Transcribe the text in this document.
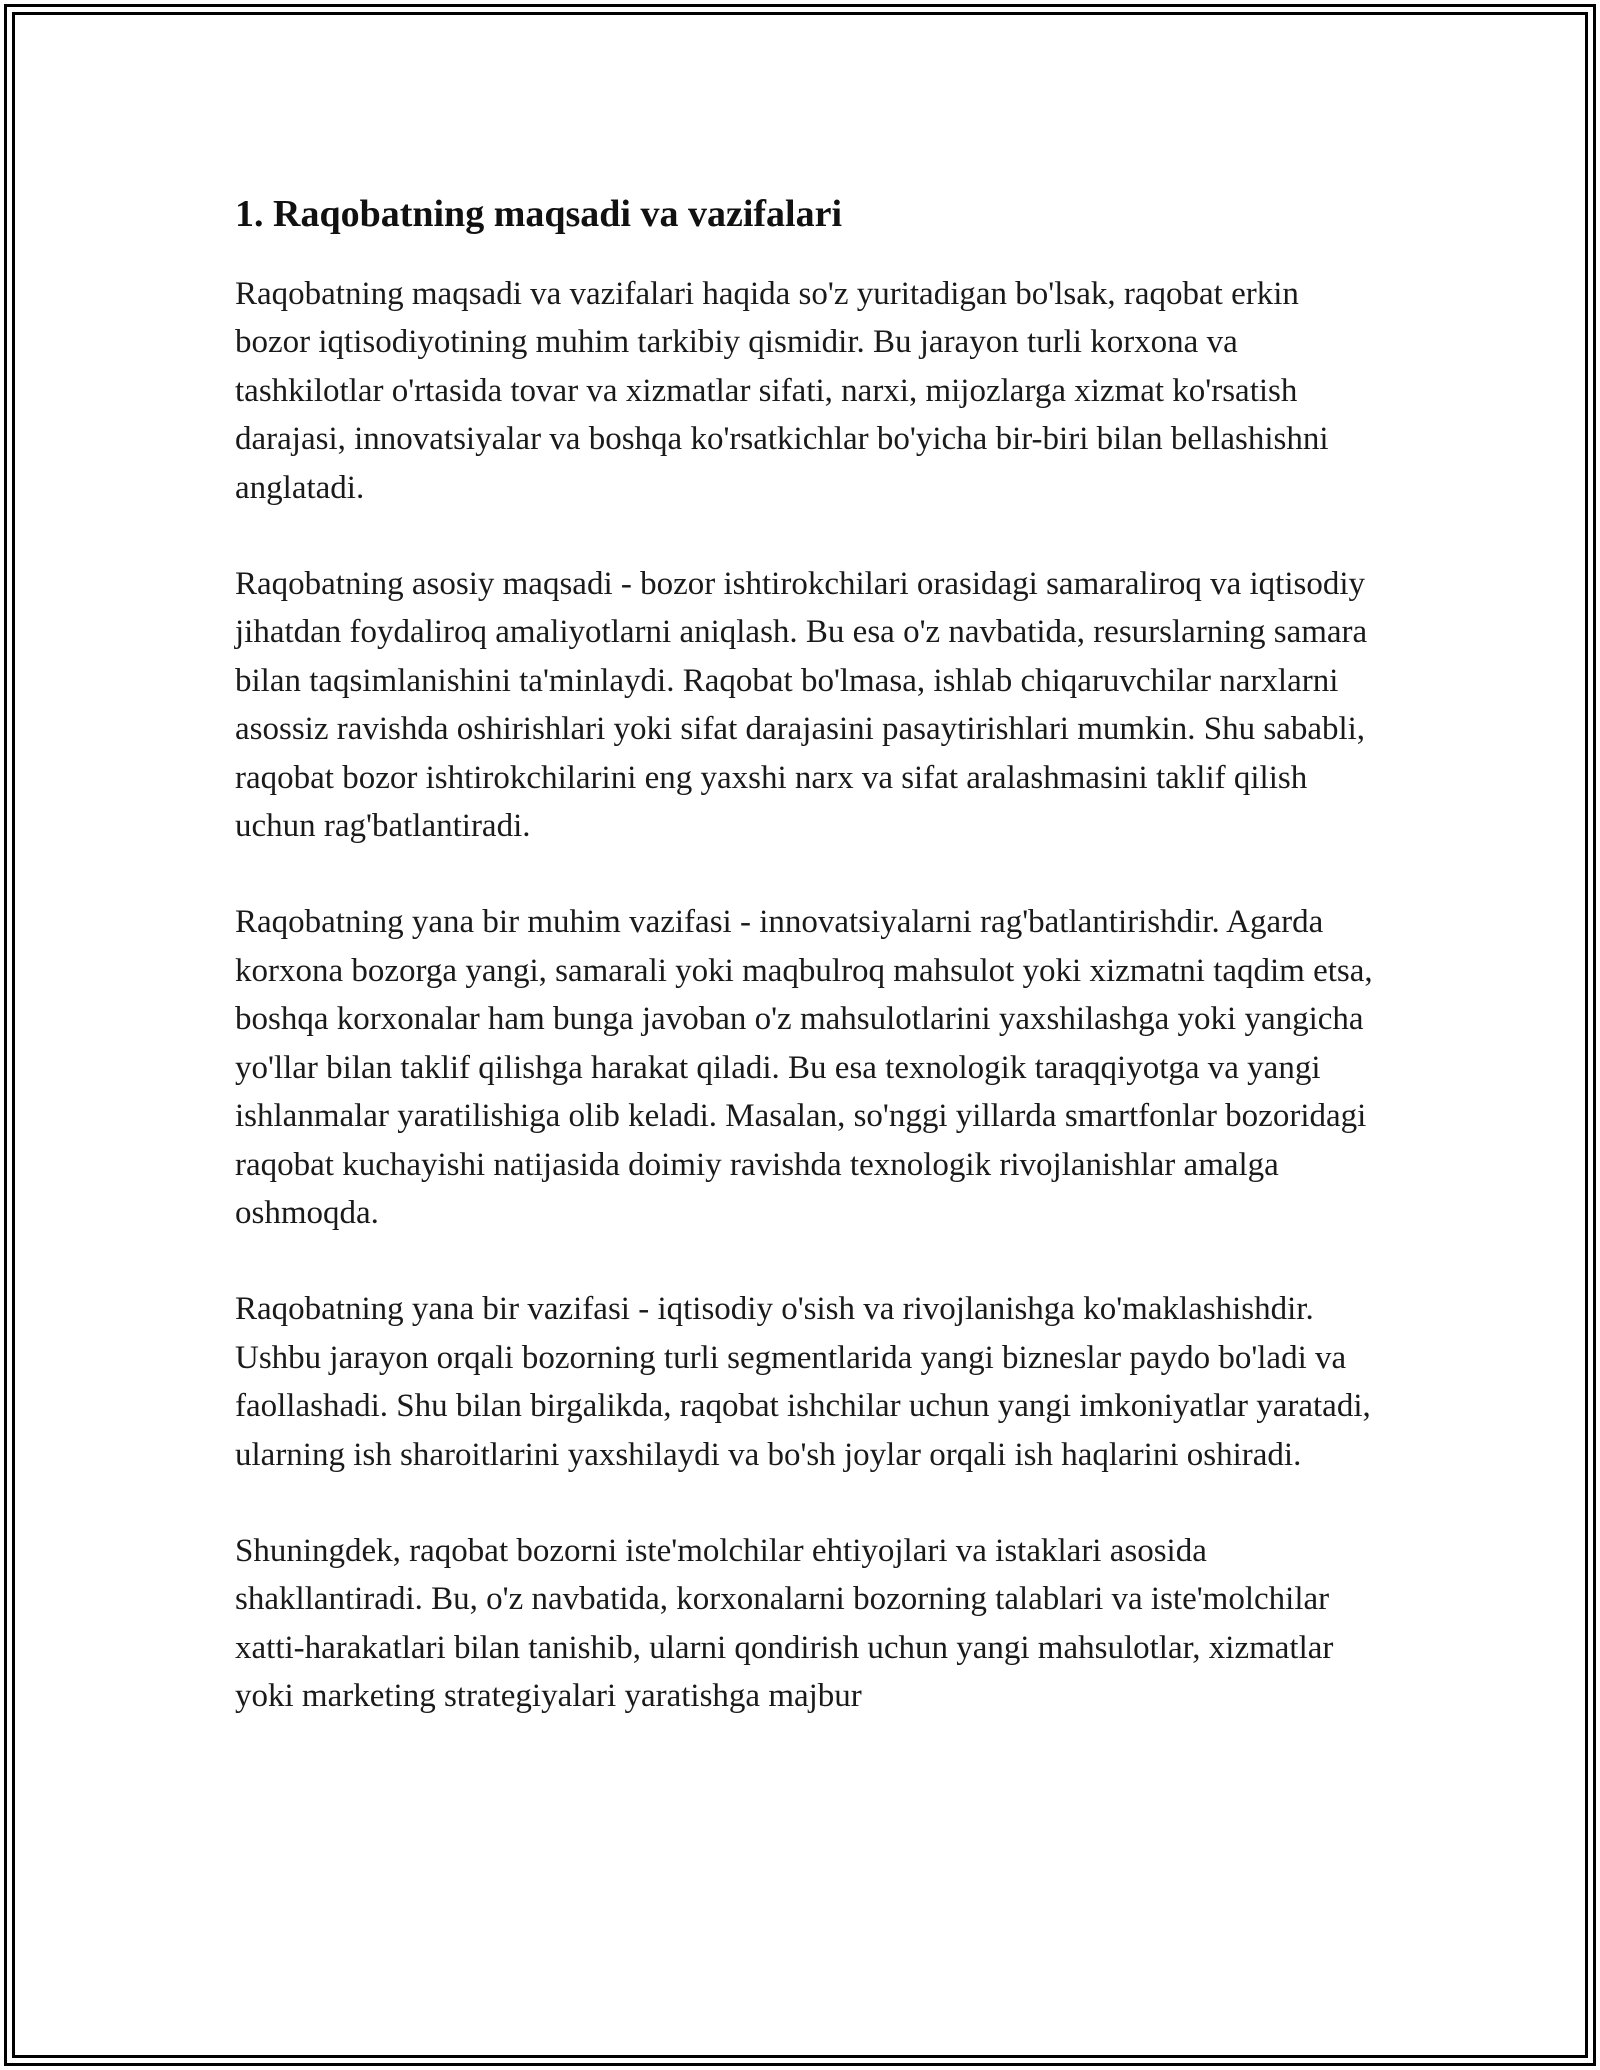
1. Raqobatning maqsadi va vazifalari

Raqobatning maqsadi va vazifalari haqida so'z yuritadigan bo'lsak, raqobat erkin bozor iqtisodiyotining muhim tarkibiy qismidir. Bu jarayon turli korxona va tashkilotlar o'rtasida tovar va xizmatlar sifati, narxi, mijozlarga xizmat ko'rsatish darajasi, innovatsiyalar va boshqa ko'rsatkichlar bo'yicha bir-biri bilan bellashishni anglatadi.

Raqobatning asosiy maqsadi - bozor ishtirokchilari orasidagi samaraliroq va iqtisodiy jihatdan foydaliroq amaliyotlarni aniqlash. Bu esa o'z navbatida, resurslarning samara bilan taqsimlanishini ta'minlaydi. Raqobat bo'lmasa, ishlab chiqaruvchilar narxlarni asossiz ravishda oshirishlari yoki sifat darajasini pasaytirishlari mumkin. Shu sababli, raqobat bozor ishtirokchilarini eng yaxshi narx va sifat aralashmasini taklif qilish uchun rag'batlantiradi.

Raqobatning yana bir muhim vazifasi - innovatsiyalarni rag'batlantirishdir. Agarda korxona bozorga yangi, samarali yoki maqbulroq mahsulot yoki xizmatni taqdim etsa, boshqa korxonalar ham bunga javoban o'z mahsulotlarini yaxshilashga yoki yangicha yo'llar bilan taklif qilishga harakat qiladi. Bu esa texnologik taraqqiyotga va yangi ishlanmalar yaratilishiga olib keladi. Masalan, so'nggi yillarda smartfonlar bozoridagi raqobat kuchayishi natijasida doimiy ravishda texnologik rivojlanishlar amalga oshmoqda.

Raqobatning yana bir vazifasi - iqtisodiy o'sish va rivojlanishga ko'maklashishdir. Ushbu jarayon orqali bozorning turli segmentlarida yangi bizneslar paydo bo'ladi va faollashadi. Shu bilan birgalikda, raqobat ishchilar uchun yangi imkoniyatlar yaratadi, ularning ish sharoitlarini yaxshilaydi va bo'sh joylar orqali ish haqlarini oshiradi.

Shuningdek, raqobat bozorni iste'molchilar ehtiyojlari va istaklari asosida shakllantiradi. Bu, o'z navbatida, korxonalarni bozorning talablari va iste'molchilar xatti-harakatlari bilan tanishib, ularni qondirish uchun yangi mahsulotlar, xizmatlar yoki marketing strategiyalari yaratishga majbur
